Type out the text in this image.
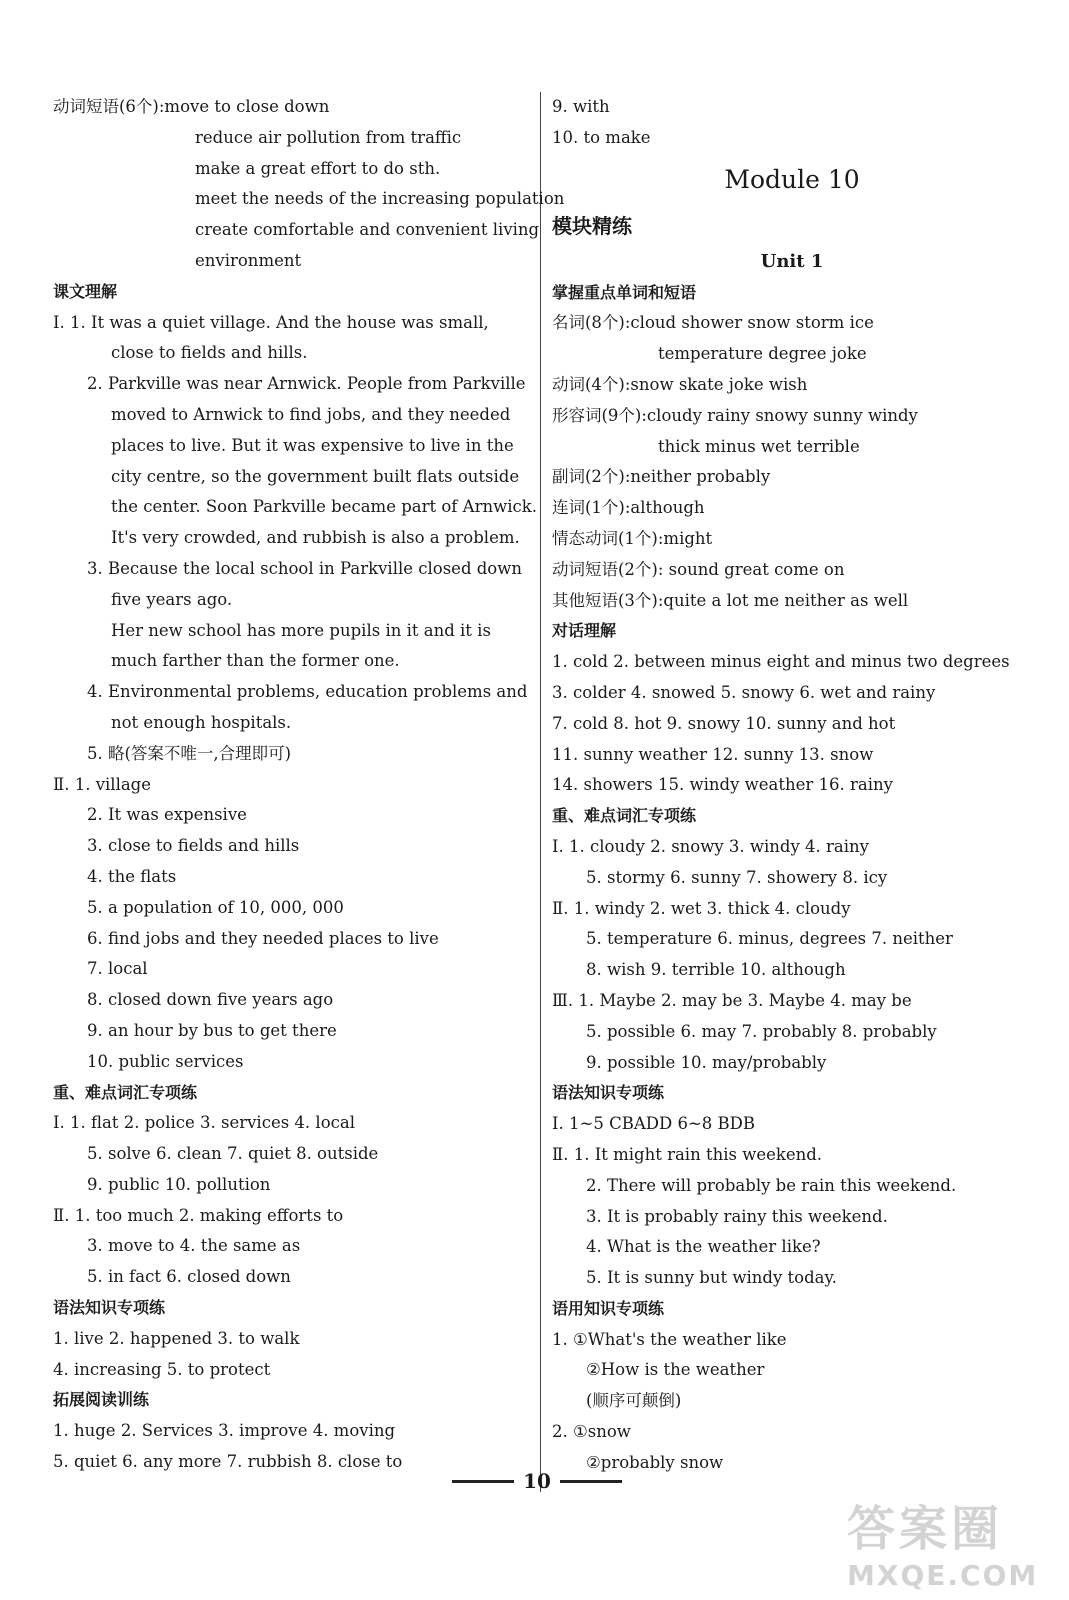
动词短语(6个):move to close down
reduce air pollution from traffic
make a great effort to do sth.
meet the needs of the increasing population
create comfortable and convenient living
environment
课文理解
Ⅰ. 1. It was a quiet village. And the house was small,
close to fields and hills.
2. Parkville was near Arnwick. People from Parkville
moved to Arnwick to find jobs, and they needed
places to live. But it was expensive to live in the
city centre, so the government built flats outside
the center. Soon Parkville became part of Arnwick.
It's very crowded, and rubbish is also a problem.
3. Because the local school in Parkville closed down
five years ago.
Her new school has more pupils in it and it is
much farther than the former one.
4. Environmental problems, education problems and
not enough hospitals.
5. 略(答案不唯一,合理即可)
Ⅱ. 1. village
2. It was expensive
3. close to fields and hills
4. the flats
5. a population of 10, 000, 000
6. find jobs and they needed places to live
7. local
8. closed down five years ago
9. an hour by bus to get there
10. public services
重、难点词汇专项练
Ⅰ. 1. flat 2. police 3. services 4. local
5. solve 6. clean 7. quiet 8. outside
9. public 10. pollution
Ⅱ. 1. too much 2. making efforts to
3. move to 4. the same as
5. in fact 6. closed down
语法知识专项练
1. live 2. happened 3. to walk
4. increasing 5. to protect
拓展阅读训练
1. huge 2. Services 3. improve 4. moving
5. quiet 6. any more 7. rubbish 8. close to
9. with
10. to make
Module 10
模块精练
Unit 1
掌握重点单词和短语
名词(8个):cloud shower snow storm ice
temperature degree joke
动词(4个):snow skate joke wish
形容词(9个):cloudy rainy snowy sunny windy
thick minus wet terrible
副词(2个):neither probably
连词(1个):although
情态动词(1个):might
动词短语(2个): sound great come on
其他短语(3个):quite a lot me neither as well
对话理解
1. cold 2. between minus eight and minus two degrees
3. colder 4. snowed 5. snowy 6. wet and rainy
7. cold 8. hot 9. snowy 10. sunny and hot
11. sunny weather 12. sunny 13. snow
14. showers 15. windy weather 16. rainy
重、难点词汇专项练
Ⅰ. 1. cloudy 2. snowy 3. windy 4. rainy
5. stormy 6. sunny 7. showery 8. icy
Ⅱ. 1. windy 2. wet 3. thick 4. cloudy
5. temperature 6. minus, degrees 7. neither
8. wish 9. terrible 10. although
Ⅲ. 1. Maybe 2. may be 3. Maybe 4. may be
5. possible 6. may 7. probably 8. probably
9. possible 10. may/probably
语法知识专项练
Ⅰ. 1~5 CBADD 6~8 BDB
Ⅱ. 1. It might rain this weekend.
2. There will probably be rain this weekend.
3. It is probably rainy this weekend.
4. What is the weather like?
5. It is sunny but windy today.
语用知识专项练
1. ①What's the weather like
②How is the weather
(顺序可颠倒)
2. ①snow
②probably snow
10
答案圈
MXQE.COM
